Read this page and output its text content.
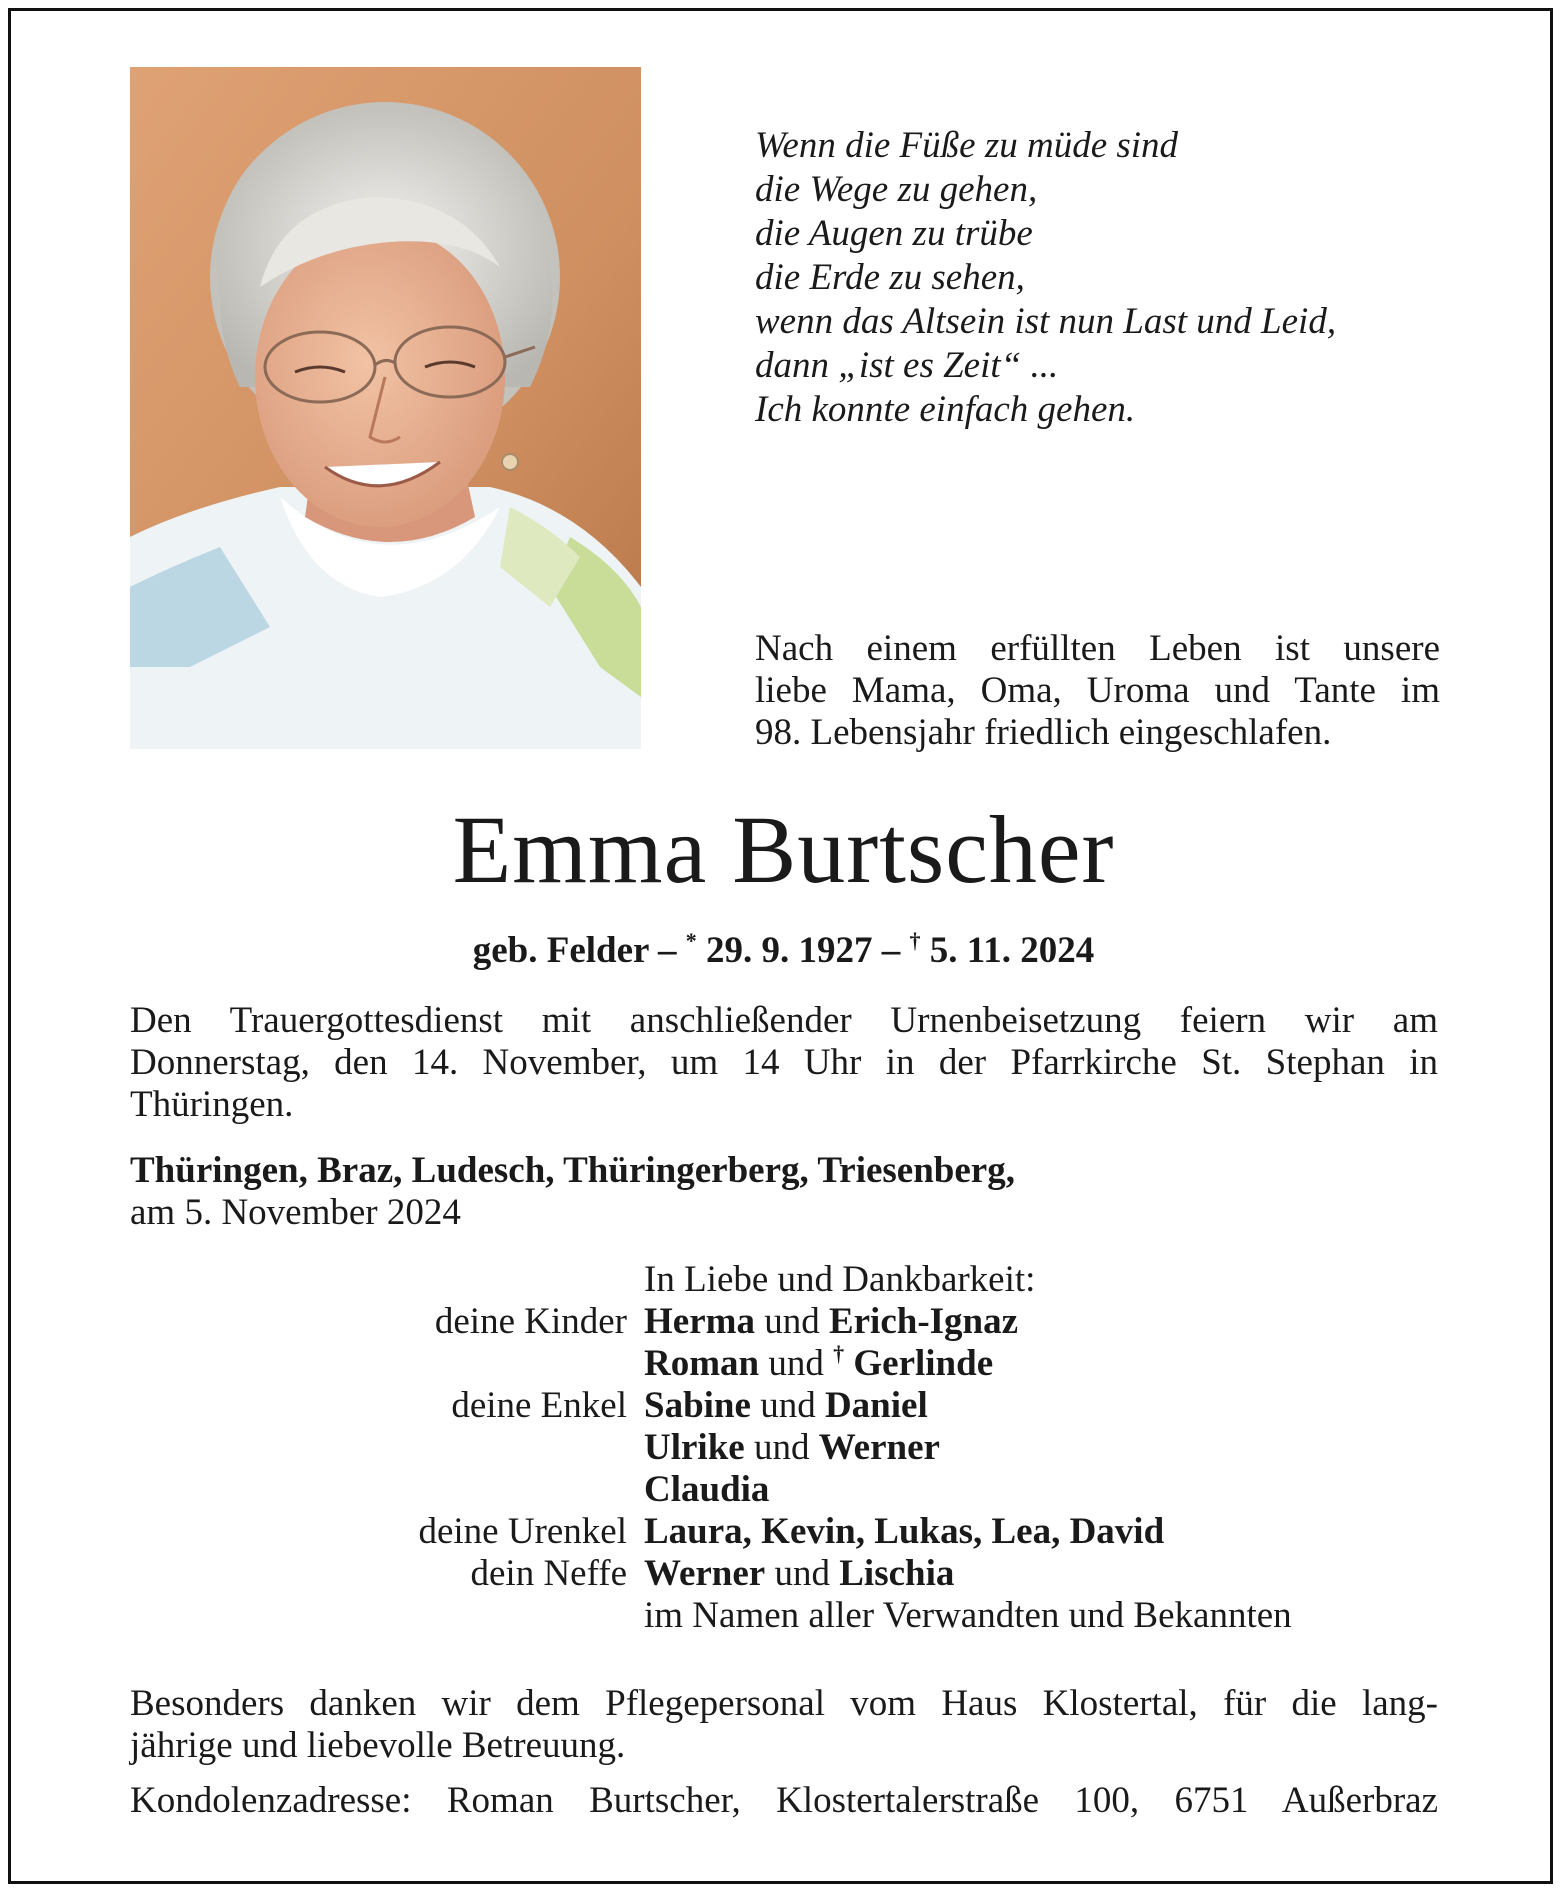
Wenn die Füße zu müde sind
die Wege zu gehen,
die Augen zu trübe
die Erde zu sehen,
wenn das Altsein ist nun Last und Leid,
dann „ist es Zeit“ ...
Ich konnte einfach gehen.
Nach einem erfüllten Leben ist unsere
liebe Mama, Oma, Uroma und Tante im
98. Lebensjahr friedlich eingeschlafen.
Emma Burtscher
geb. Felder – * 29. 9. 1927 – † 5. 11. 2024
Den Trauergottesdienst mit anschließender Urnenbeisetzung feiern wir am
Donnerstag, den 14. November, um 14 Uhr in der Pfarrkirche St. Stephan in
Thüringen.
Thüringen, Braz, Ludesch, Thüringerberg, Triesenberg,
am 5. November 2024
In Liebe und Dankbarkeit:
deine Kinder Herma und Erich-Ignaz
Roman und † Gerlinde
deine Enkel Sabine und Daniel
Ulrike und Werner
Claudia
deine Urenkel Laura, Kevin, Lukas, Lea, David
dein Neffe Werner und Lischia
im Namen aller Verwandten und Bekannten
Besonders danken wir dem Pflegepersonal vom Haus Klostertal, für die lang-
jährige und liebevolle Betreuung.
Kondolenzadresse: Roman Burtscher, Klostertalerstraße 100, 6751 Außerbraz
